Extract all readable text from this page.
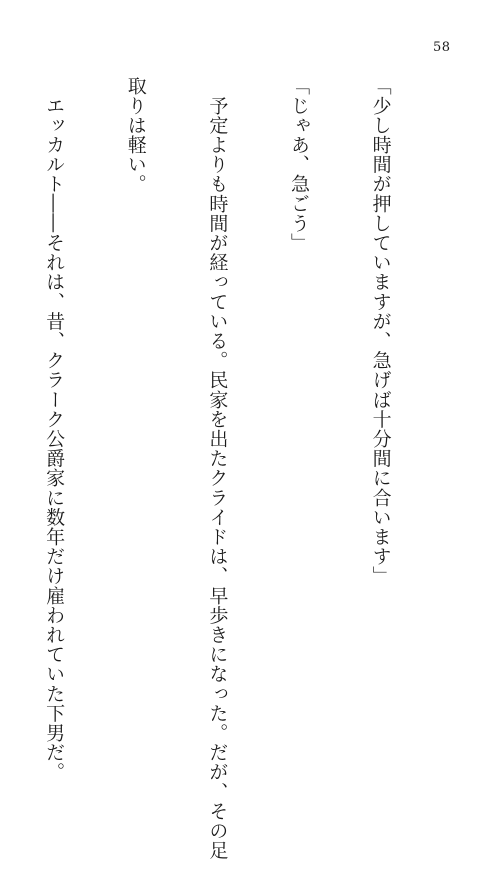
58

「少し時間が押していますが、急げば十分間に合います」

「じゃあ、急ごう」

　予定よりも時間が経っている。民家を出たクライドは、早歩きになった。だが、その足

取りは軽い。

　エッカルト――それは、昔、クラーク公爵家に数年だけ雇われていた下男だ。
